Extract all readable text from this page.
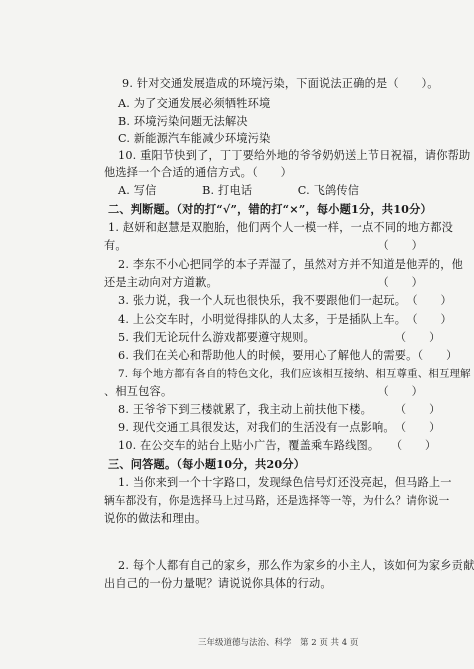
9. 针对交通发展造成的环境污染，下面说法正确的是（　　）。
A. 为了交通发展必须牺牲环境
B. 环境污染问题无法解决
C. 新能源汽车能减少环境污染
10. 重阳节快到了，丁丁要给外地的爷爷奶奶送上节日祝福，请你帮助
他选择一个合适的通信方式。（　　）
A. 写信　　　　B. 打电话　　　　C. 飞鸽传信
二、判断题。（对的打“√”，错的打“×”，每小题1分，共10分）
1. 赵妍和赵慧是双胞胎，他们两个人一模一样，一点不同的地方都没
有。　　　　　　　　　　　　　　　　　　　　　　　（　　）
2. 李东不小心把同学的本子弄湿了，虽然对方并不知道是他弄的，他
还是主动向对方道歉。　　　　　　　　　　　　　　　（　　）
3. 张力说，我一个人玩也很快乐，我不要跟他们一起玩。　（　　）
4. 上公交车时，小明觉得排队的人太多，于是插队上车。　（　　）
5. 我们无论玩什么游戏都要遵守规则。　　　　　　　　（　　）
6. 我们在关心和帮助他人的时候，要用心了解他人的需要。（　　）
7. 每个地方都有各自的特色文化，我们应该相互接纳、相互尊重、相互理解
、相互包容。　　　　　　　　　　　　　　　　　　　（　　）
8. 王爷爷下到三楼就累了，我主动上前扶他下楼。　　　（　　）
9. 现代交通工具很发达，对我们的生活没有一点影响。　（　　）
10. 在公交车的站台上贴小广告，覆盖乘车路线图。　　（　　）
三、问答题。（每小题10分，共20分）
1. 当你来到一个十字路口，发现绿色信号灯还没亮起，但马路上一
辆车都没有，你是选择马上过马路，还是选择等一等，为什么？请你说一
说你的做法和理由。
2. 每个人都有自己的家乡，那么作为家乡的小主人，该如何为家乡贡献
出自己的一份力量呢？请说说你具体的行动。
三年级道德与法治、科学　第 2 页 共 4 页
